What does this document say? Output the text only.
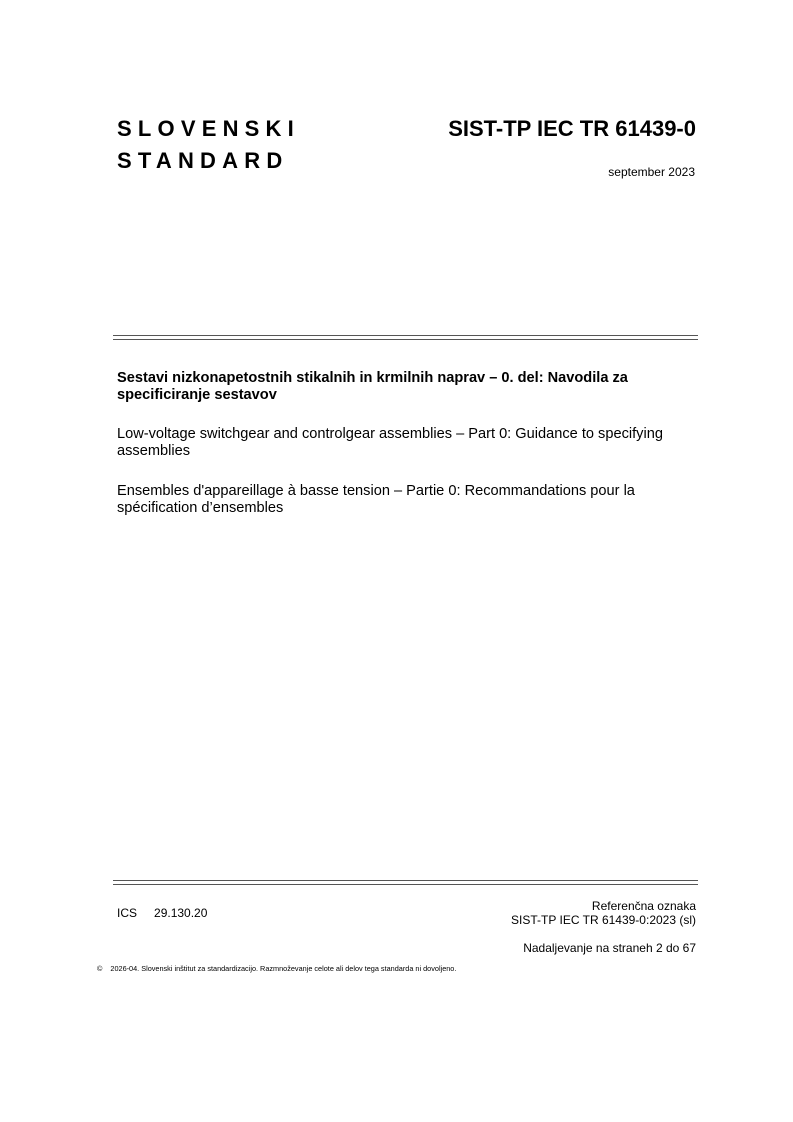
SLOVENSKI
STANDARD
SIST-TP IEC TR 61439-0
september 2023
Sestavi nizkonapetostnih stikalnih in krmilnih naprav – 0. del: Navodila za specificiranje sestavov
Low-voltage switchgear and controlgear assemblies – Part 0: Guidance to specifying assemblies
Ensembles d'appareillage à basse tension – Partie 0: Recommandations pour la spécification d’ensembles
ICS 29.130.20	Referenčna oznaka
SIST-TP IEC TR 61439-0:2023 (sl)
Nadaljevanje na straneh 2 do 67
© 2026-04. Slovenski inštitut za standardizacijo. Razmnoževanje celote ali delov tega standarda ni dovoljeno.
